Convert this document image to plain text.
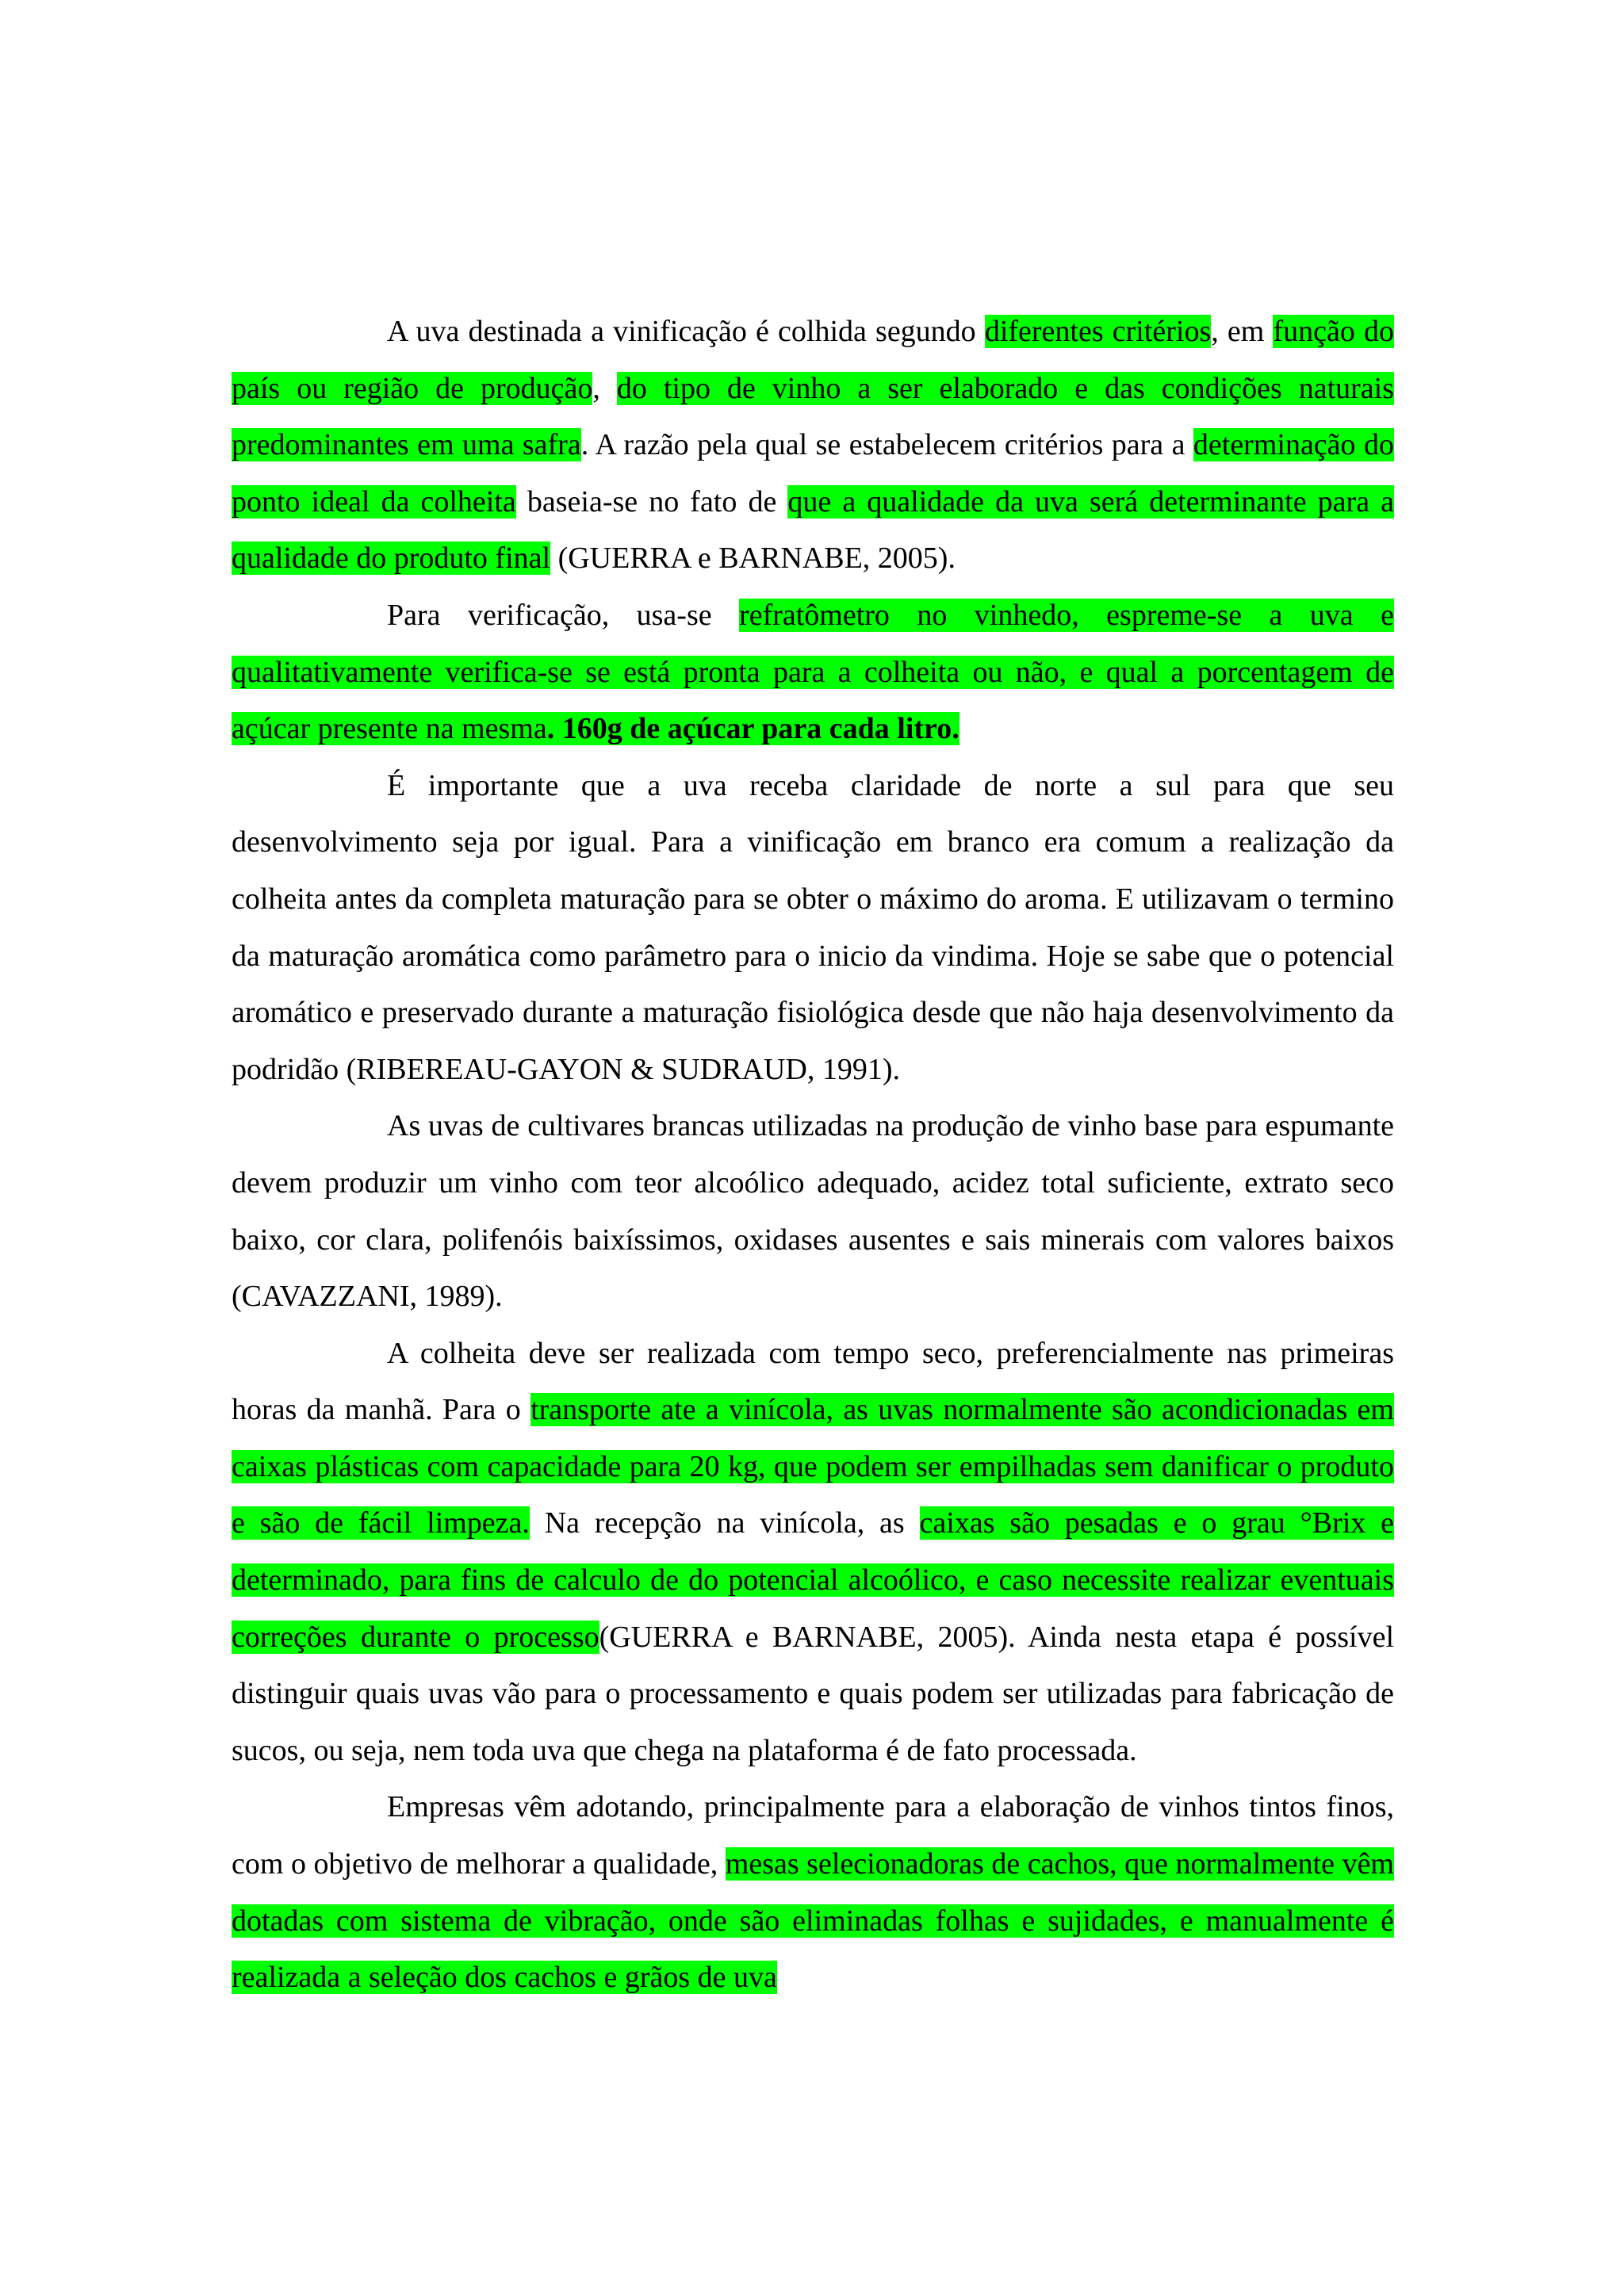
A uva destinada a vinificação é colhida segundo diferentes critérios, em função do país ou região de produção, do tipo de vinho a ser elaborado e das condições naturais predominantes em uma safra. A razão pela qual se estabelecem critérios para a determinação do ponto ideal da colheita baseia-se no fato de que a qualidade da uva será determinante para a qualidade do produto final (GUERRA e BARNABE, 2005).

Para verificação, usa-se refratômetro no vinhedo, espreme-se a uva e qualitativamente verifica-se se está pronta para a colheita ou não, e qual a porcentagem de açúcar presente na mesma. 160g de açúcar para cada litro.

É importante que a uva receba claridade de norte a sul para que seu desenvolvimento seja por igual. Para a vinificação em branco era comum a realização da colheita antes da completa maturação para se obter o máximo do aroma. E utilizavam o termino da maturação aromática como parâmetro para o inicio da vindima. Hoje se sabe que o potencial aromático e preservado durante a maturação fisiológica desde que não haja desenvolvimento da podridão (RIBEREAU-GAYON & SUDRAUD, 1991).

As uvas de cultivares brancas utilizadas na produção de vinho base para espumante devem produzir um vinho com teor alcoólico adequado, acidez total suficiente, extrato seco baixo, cor clara, polifenóis baixíssimos, oxidases ausentes e sais minerais com valores baixos (CAVAZZANI, 1989).

A colheita deve ser realizada com tempo seco, preferencialmente nas primeiras horas da manhã. Para o transporte ate a vinícola, as uvas normalmente são acondicionadas em caixas plásticas com capacidade para 20 kg, que podem ser empilhadas sem danificar o produto e são de fácil limpeza. Na recepção na vinícola, as caixas são pesadas e o grau °Brix e determinado, para fins de calculo de do potencial alcoólico, e caso necessite realizar eventuais correções durante o processo(GUERRA e BARNABE, 2005). Ainda nesta etapa é possível distinguir quais uvas vão para o processamento e quais podem ser utilizadas para fabricação de sucos, ou seja, nem toda uva que chega na plataforma é de fato processada.

Empresas vêm adotando, principalmente para a elaboração de vinhos tintos finos, com o objetivo de melhorar a qualidade, mesas selecionadoras de cachos, que normalmente vêm dotadas com sistema de vibração, onde são eliminadas folhas e sujidades, e manualmente é realizada a seleção dos cachos e grãos de uva
